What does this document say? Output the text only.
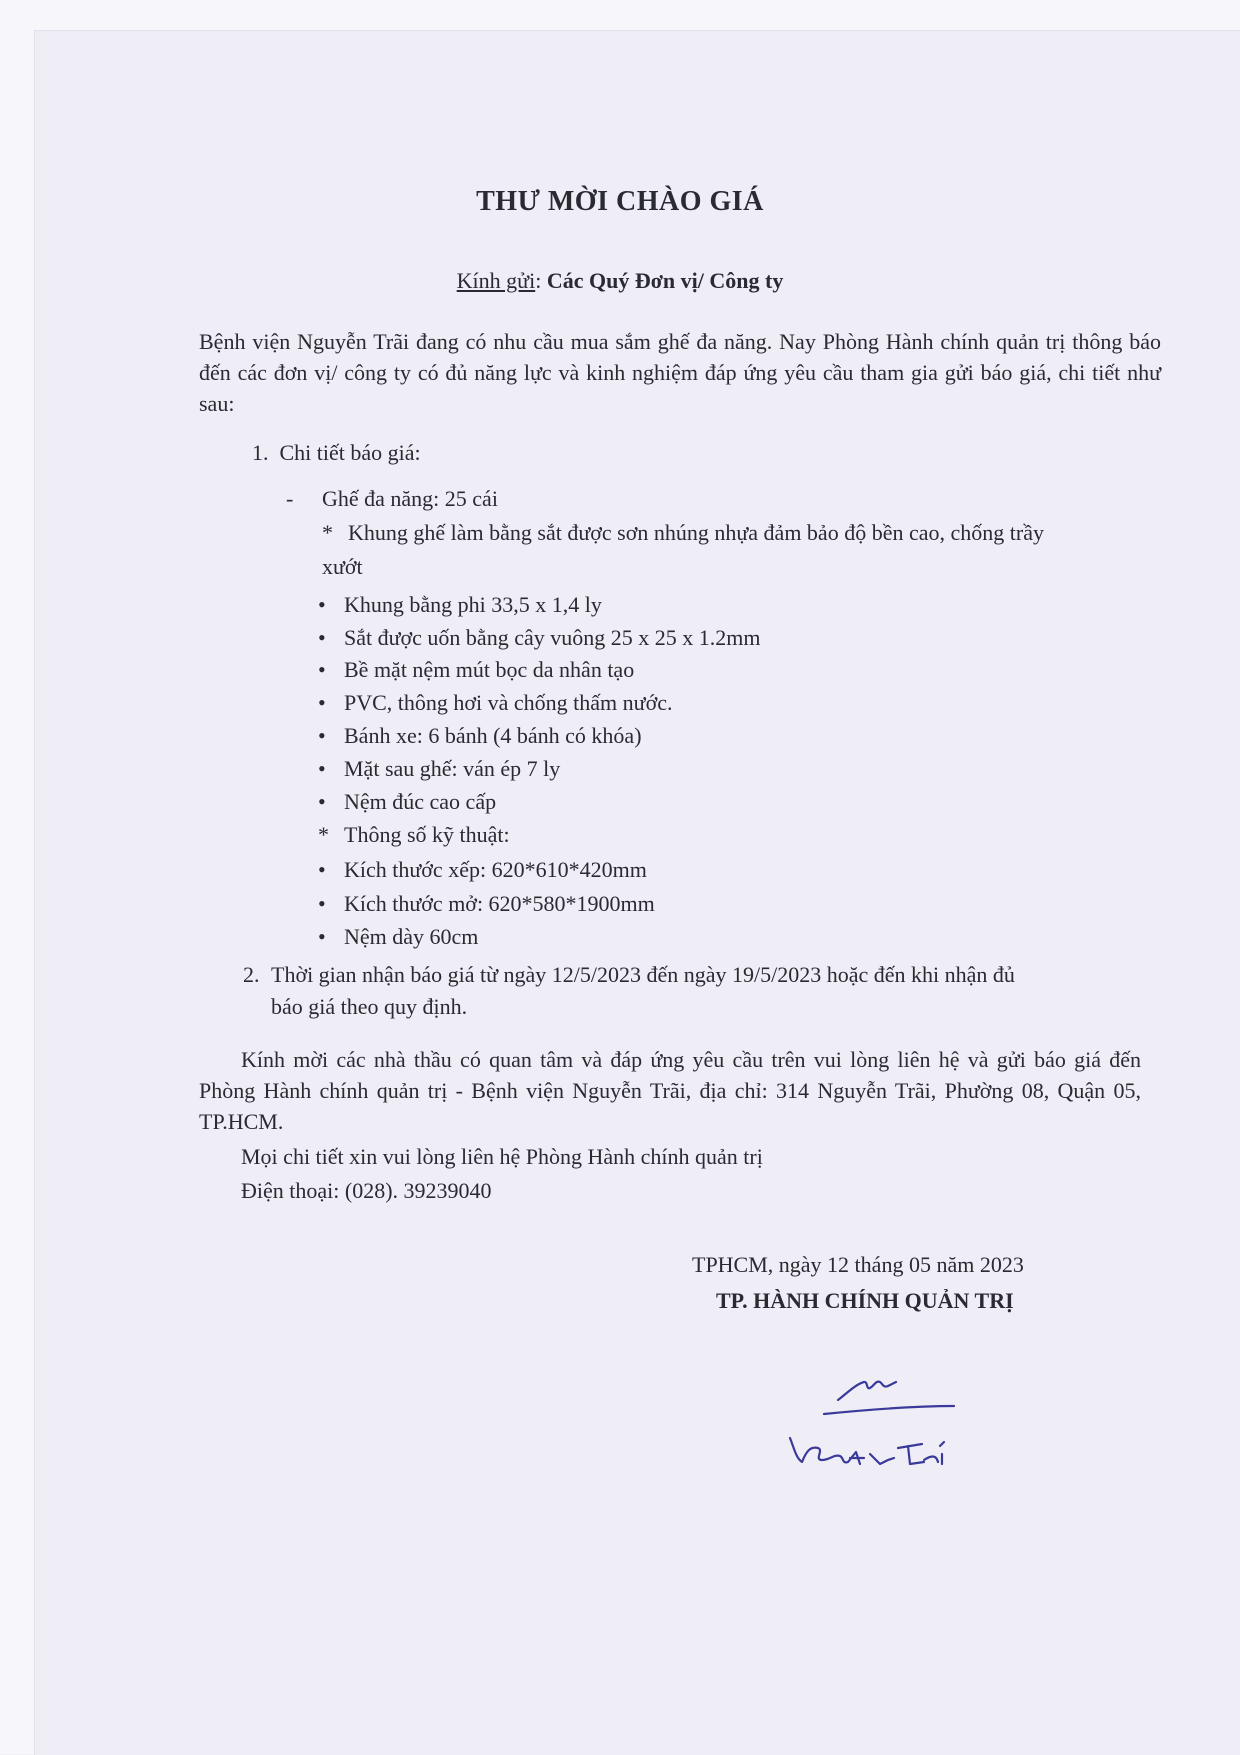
THƯ MỜI CHÀO GIÁ
Kính gửi: Các Quý Đơn vị/ Công ty

Bệnh viện Nguyễn Trãi đang có nhu cầu mua sắm ghế đa năng. Nay Phòng Hành chính quản trị thông báo đến các đơn vị/ công ty có đủ năng lực và kinh nghiệm đáp ứng yêu cầu tham gia gửi báo giá, chi tiết như sau:

1. Chi tiết báo giá:
- Ghế đa năng: 25 cái
* Khung ghế làm bằng sắt được sơn nhúng nhựa đảm bảo độ bền cao, chống trầy
xướt
• Khung bằng phi 33,5 x 1,4 ly
• Sắt được uốn bằng cây vuông 25 x 25 x 1.2mm
• Bề mặt nệm mút bọc da nhân tạo
• PVC, thông hơi và chống thấm nước.
• Bánh xe: 6 bánh (4 bánh có khóa)
• Mặt sau ghế: ván ép 7 ly
• Nệm đúc cao cấp
* Thông số kỹ thuật:
• Kích thước xếp: 620*610*420mm
• Kích thước mở: 620*580*1900mm
• Nệm dày 60cm
2. Thời gian nhận báo giá từ ngày 12/5/2023 đến ngày 19/5/2023 hoặc đến khi nhận đủ
báo giá theo quy định.

Kính mời các nhà thầu có quan tâm và đáp ứng yêu cầu trên vui lòng liên hệ và gửi báo giá đến Phòng Hành chính quản trị - Bệnh viện Nguyễn Trãi, địa chỉ: 314 Nguyễn Trãi, Phường 08, Quận 05, TP.HCM.

Mọi chi tiết xin vui lòng liên hệ Phòng Hành chính quản trị
Điện thoại: (028). 39239040
TPHCM, ngày 12 tháng 05 năm 2023
TP. HÀNH CHÍNH QUẢN TRỊ
